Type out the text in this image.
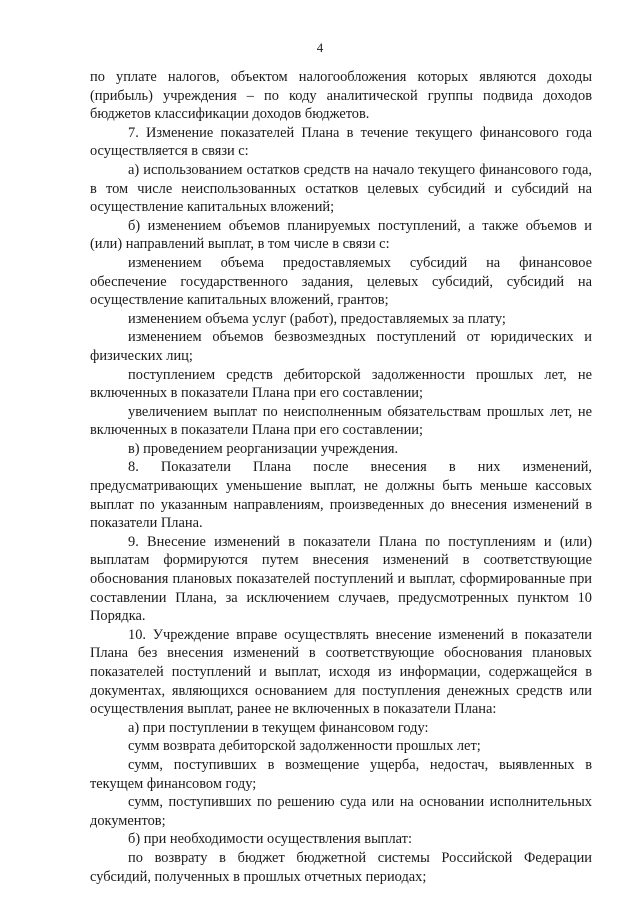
4

по уплате налогов, объектом налогообложения которых являются доходы (прибыль) учреждения – по коду аналитической группы подвида доходов бюджетов классификации доходов бюджетов.

7. Изменение показателей Плана в течение текущего финансового года осуществляется в связи с:

а) использованием остатков средств на начало текущего финансового года, в том числе неиспользованных остатков целевых субсидий и субсидий на осуществление капитальных вложений;

б) изменением объемов планируемых поступлений, а также объемов и (или) направлений выплат, в том числе в связи с:

изменением объема предоставляемых субсидий на финансовое обеспечение государственного задания, целевых субсидий, субсидий на осуществление капитальных вложений, грантов;

изменением объема услуг (работ), предоставляемых за плату;

изменением объемов безвозмездных поступлений от юридических и физических лиц;

поступлением средств дебиторской задолженности прошлых лет, не включенных в показатели Плана при его составлении;

увеличением выплат по неисполненным обязательствам прошлых лет, не включенных в показатели Плана при его составлении;

в) проведением реорганизации учреждения.

8. Показатели Плана после внесения в них изменений, предусматривающих уменьшение выплат, не должны быть меньше кассовых выплат по указанным направлениям, произведенных до внесения изменений в показатели Плана.

9. Внесение изменений в показатели Плана по поступлениям и (или) выплатам формируются путем внесения изменений в соответствующие обоснования плановых показателей поступлений и выплат, сформированные при составлении Плана, за исключением случаев, предусмотренных пунктом 10 Порядка.

10. Учреждение вправе осуществлять внесение изменений в показатели Плана без внесения изменений в соответствующие обоснования плановых показателей поступлений и выплат, исходя из информации, содержащейся в документах, являющихся основанием для поступления денежных средств или осуществления выплат, ранее не включенных в показатели Плана:

а) при поступлении в текущем финансовом году:

сумм возврата дебиторской задолженности прошлых лет;

сумм, поступивших в возмещение ущерба, недостач, выявленных в текущем финансовом году;

сумм, поступивших по решению суда или на основании исполнительных документов;

б) при необходимости осуществления выплат:

по возврату в бюджет бюджетной системы Российской Федерации субсидий, полученных в прошлых отчетных периодах;
